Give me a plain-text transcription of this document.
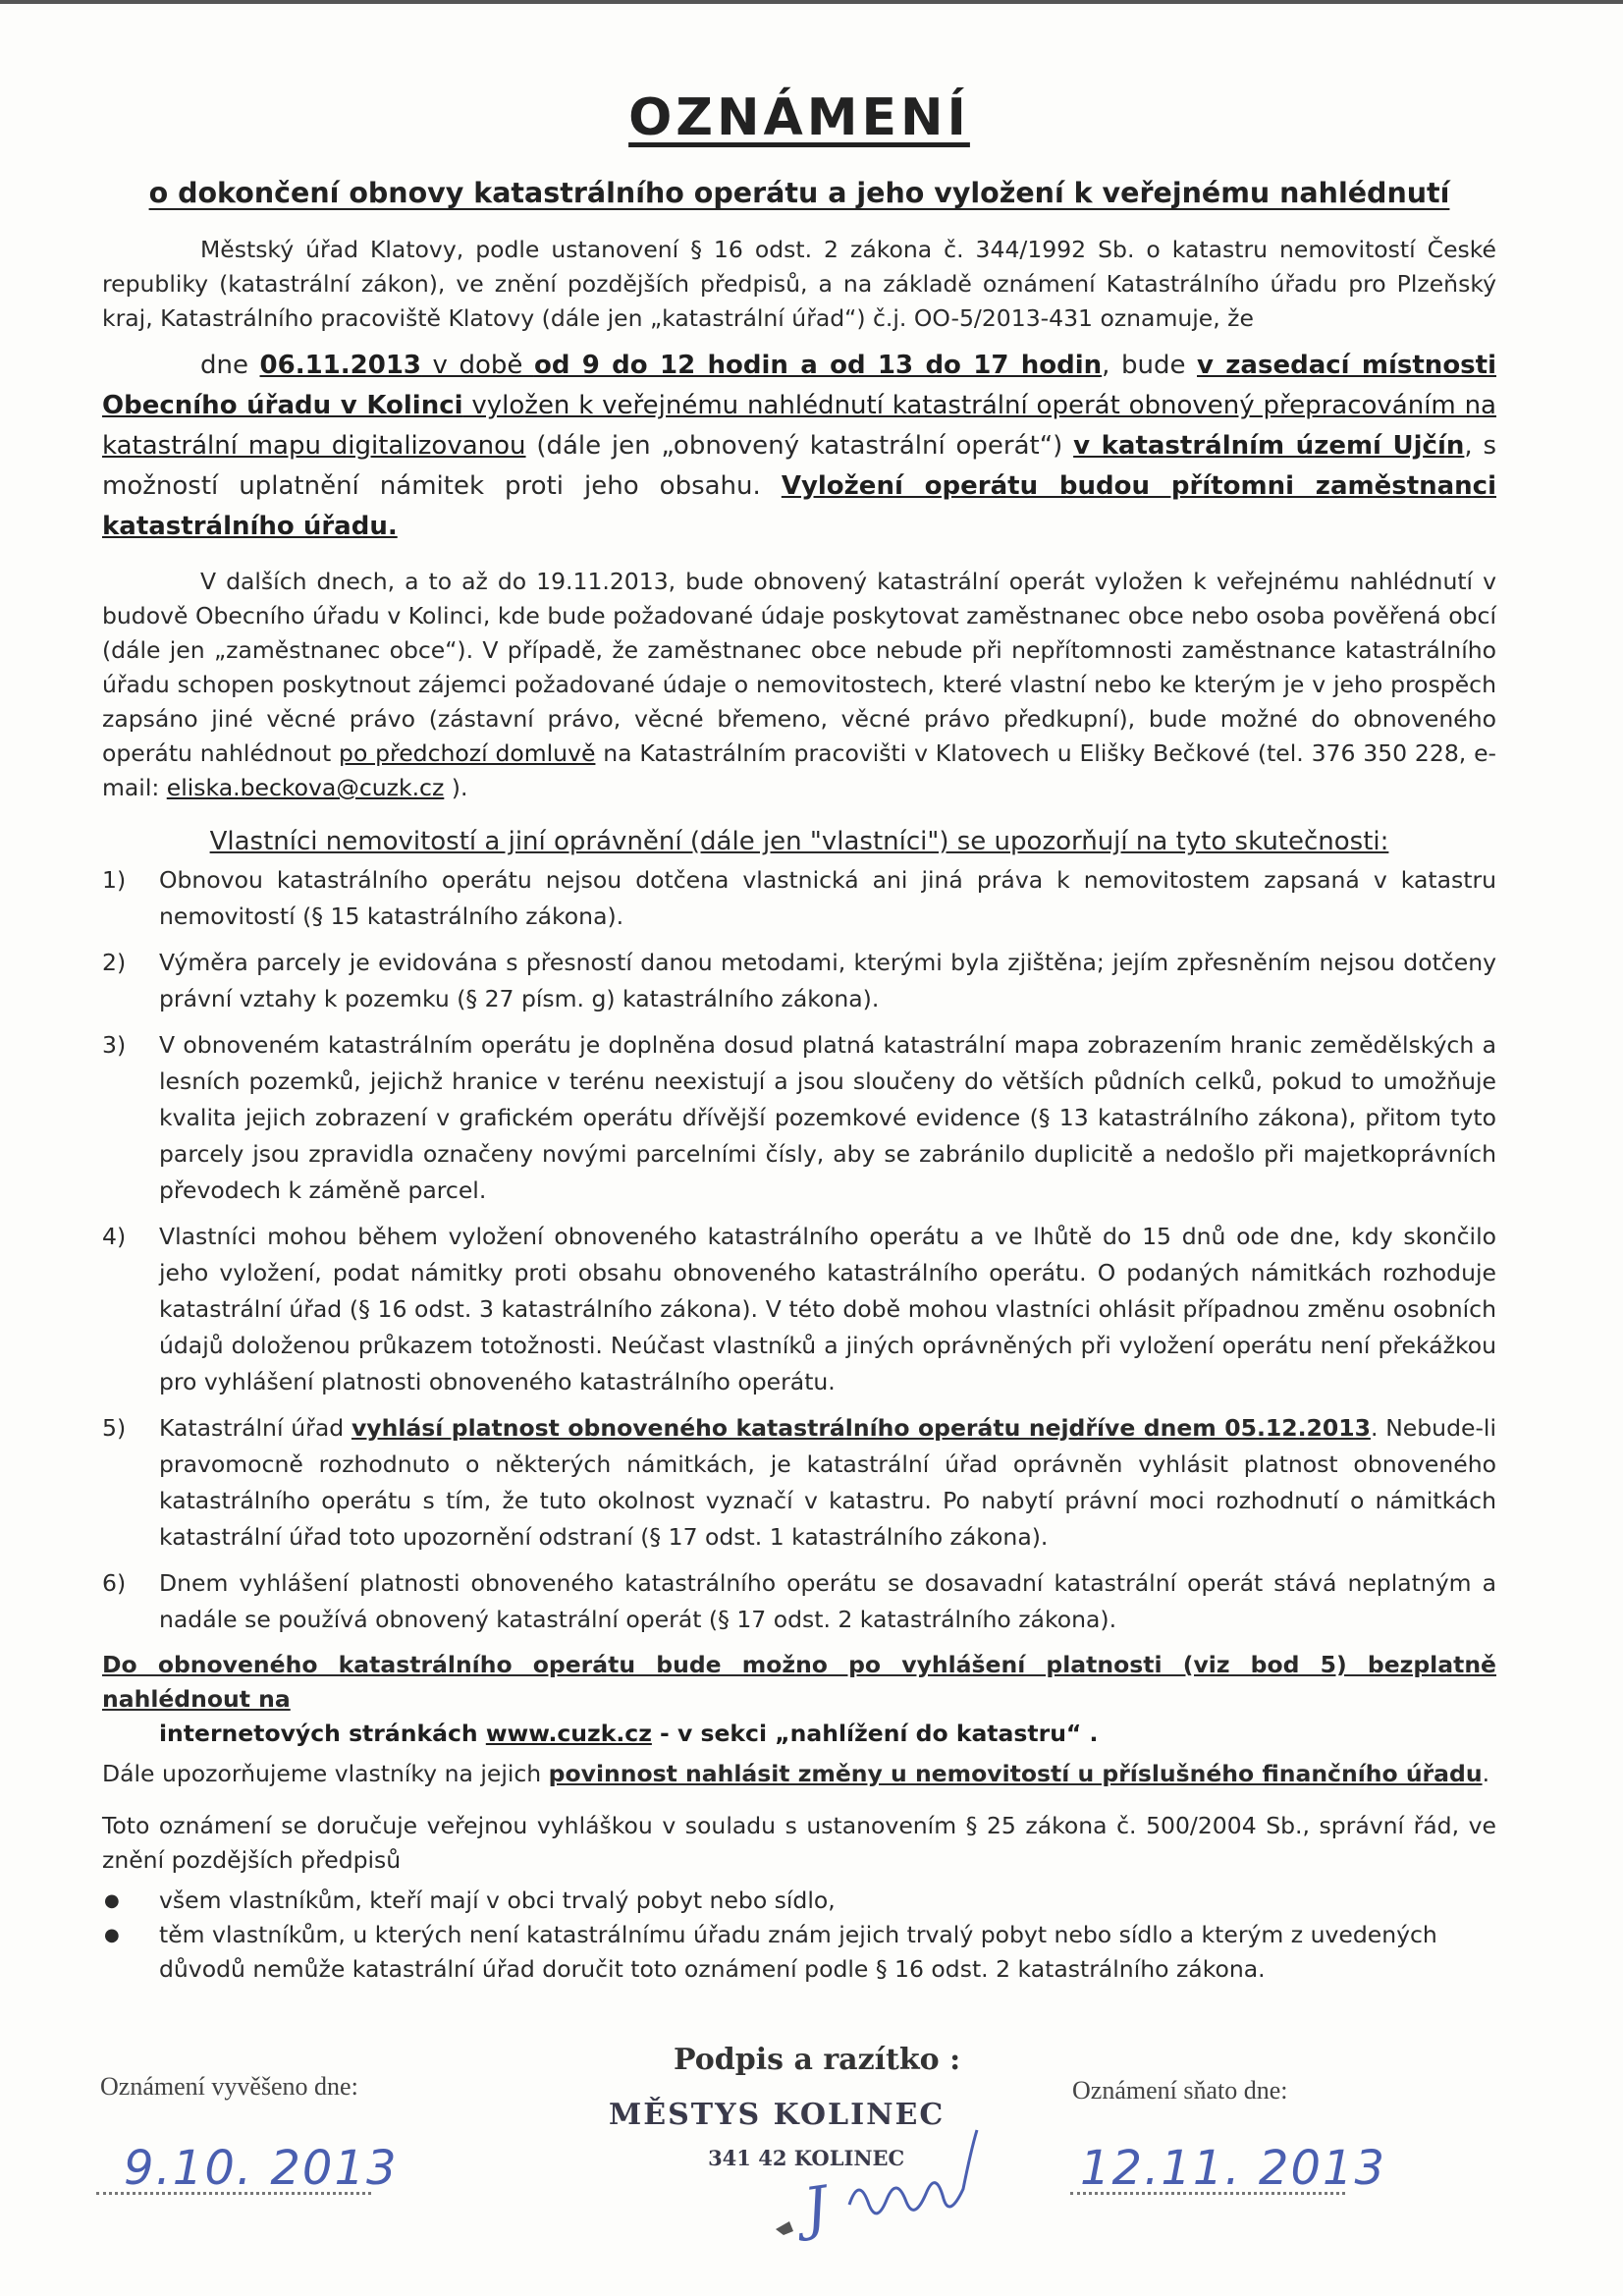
OZNÁMENÍ
o dokončení obnovy katastrálního operátu a jeho vyložení k veřejnému nahlédnutí

Městský úřad Klatovy, podle ustanovení § 16 odst. 2 zákona č. 344/1992 Sb. o katastru nemovitostí České republiky (katastrální zákon), ve znění pozdějších předpisů, a na základě oznámení Katastrálního úřadu pro Plzeňský kraj, Katastrálního pracoviště Klatovy (dále jen „katastrální úřad“) č.j. OO-5/2013-431 oznamuje, že

dne 06.11.2013 v době od 9 do 12 hodin a od 13 do 17 hodin, bude v zasedací místnosti Obecního úřadu v Kolinci vyložen k veřejnému nahlédnutí katastrální operát obnovený přepracováním na katastrální mapu digitalizovanou (dále jen „obnovený katastrální operát“) v katastrálním území Ujčín, s možností uplatnění námitek proti jeho obsahu. Vyložení operátu budou přítomni zaměstnanci katastrálního úřadu.

V dalších dnech, a to až do 19.11.2013, bude obnovený katastrální operát vyložen k veřejnému nahlédnutí v budově Obecního úřadu v Kolinci, kde bude požadované údaje poskytovat zaměstnanec obce nebo osoba pověřená obcí (dále jen „zaměstnanec obce“). V případě, že zaměstnanec obce nebude při nepřítomnosti zaměstnance katastrálního úřadu schopen poskytnout zájemci požadované údaje o nemovitostech, které vlastní nebo ke kterým je v jeho prospěch zapsáno jiné věcné právo (zástavní právo, věcné břemeno, věcné právo předkupní), bude možné do obnoveného operátu nahlédnout po předchozí domluvě na Katastrálním pracovišti v Klatovech u Elišky Bečkové (tel. 376 350 228, e-mail: eliska.beckova@cuzk.cz ).

Vlastníci nemovitostí a jiní oprávnění (dále jen "vlastníci") se upozorňují na tyto skutečnosti:
1) Obnovou katastrálního operátu nejsou dotčena vlastnická ani jiná práva k nemovitostem zapsaná v katastru nemovitostí (§ 15 katastrálního zákona).
2) Výměra parcely je evidována s přesností danou metodami, kterými byla zjištěna; jejím zpřesněním nejsou dotčeny právní vztahy k pozemku (§ 27 písm. g) katastrálního zákona).
3) V obnoveném katastrálním operátu je doplněna dosud platná katastrální mapa zobrazením hranic zemědělských a lesních pozemků, jejichž hranice v terénu neexistují a jsou sloučeny do větších půdních celků, pokud to umožňuje kvalita jejich zobrazení v grafickém operátu dřívější pozemkové evidence (§ 13 katastrálního zákona), přitom tyto parcely jsou zpravidla označeny novými parcelními čísly, aby se zabránilo duplicitě a nedošlo při majetkoprávních převodech k záměně parcel.
4) Vlastníci mohou během vyložení obnoveného katastrálního operátu a ve lhůtě do 15 dnů ode dne, kdy skončilo jeho vyložení, podat námitky proti obsahu obnoveného katastrálního operátu. O podaných námitkách rozhoduje katastrální úřad (§ 16 odst. 3 katastrálního zákona). V této době mohou vlastníci ohlásit případnou změnu osobních údajů doloženou průkazem totožnosti. Neúčast vlastníků a jiných oprávněných při vyložení operátu není překážkou pro vyhlášení platnosti obnoveného katastrálního operátu.
5) Katastrální úřad vyhlásí platnost obnoveného katastrálního operátu nejdříve dnem 05.12.2013. Nebude-li pravomocně rozhodnuto o některých námitkách, je katastrální úřad oprávněn vyhlásit platnost obnoveného katastrálního operátu s tím, že tuto okolnost vyznačí v katastru. Po nabytí právní moci rozhodnutí o námitkách katastrální úřad toto upozornění odstraní (§ 17 odst. 1 katastrálního zákona).
6) Dnem vyhlášení platnosti obnoveného katastrálního operátu se dosavadní katastrální operát stává neplatným a nadále se používá obnovený katastrální operát (§ 17 odst. 2 katastrálního zákona).

Do obnoveného katastrálního operátu bude možno po vyhlášení platnosti (viz bod 5) bezplatně nahlédnout na
internetových stránkách www.cuzk.cz - v sekci „nahlížení do katastru“ .

Dále upozorňujeme vlastníky na jejich povinnost nahlásit změny u nemovitostí u příslušného finančního úřadu.

Toto oznámení se doručuje veřejnou vyhláškou v souladu s ustanovením § 25 zákona č. 500/2004 Sb., správní řád, ve znění pozdějších předpisů

● všem vlastníkům, kteří mají v obci trvalý pobyt nebo sídlo,
● těm vlastníkům, u kterých není katastrálnímu úřadu znám jejich trvalý pobyt nebo sídlo a kterým z uvedených důvodů nemůže katastrální úřad doručit toto oznámení podle § 16 odst. 2 katastrálního zákona.
Podpis a razítko :
Oznámení vyvěšeno dne:	Oznámení sňato dne:
9.10. 2013	12.11. 2013
MĚSTYS KOLINEC
341 42 KOLINEC
J
